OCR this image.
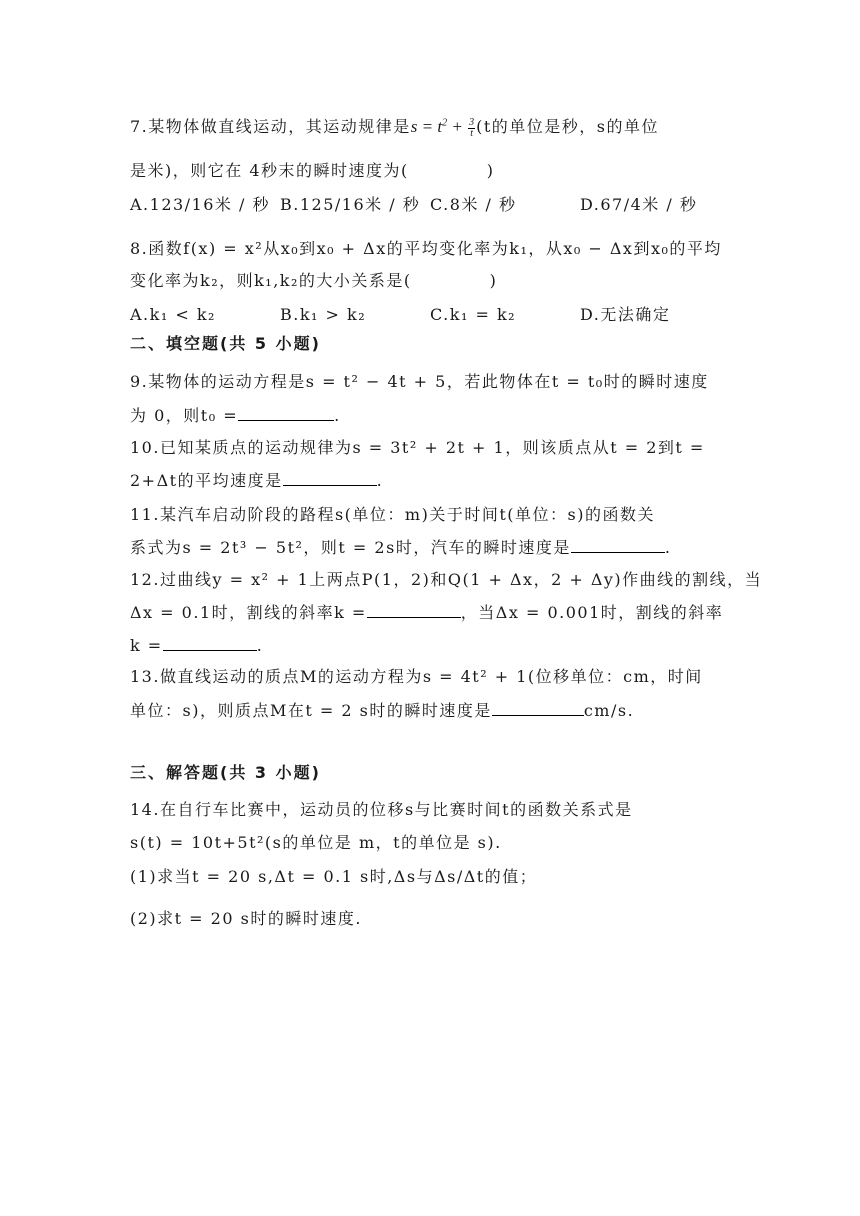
7.某物体做直线运动，其运动规律是$s = t^2 + \frac{3}{t} (t$的单位是秒，s的单位
是米)，则它在 4秒末的瞬时速度为(	)
A.123/16米 / 秒 B.125/16米 / 秒 C.8米 / 秒	D.67/4米 / 秒
8.函数f(x) = x²从x₀到x₀ + Δx的平均变化率为k₁，从x₀ − Δx到x₀的平均
变化率为k₂，则k₁,k₂的大小关系是(	)
A.k₁ < k₂	B.k₁ > k₂	C.k₁ = k₂	D.无法确定
二、填空题(共 5 小题)
9.某物体的运动方程是s = t² − 4t + 5，若此物体在t = t₀时的瞬时速度
为 0，则t₀ =	.
10.已知某质点的运动规律为s = 3t² + 2t + 1，则该质点从t = 2到t =
2+Δt的平均速度是	.
11.某汽车启动阶段的路程s(单位：m)关于时间t(单位：s)的函数关
系式为s = 2t³ − 5t²，则t = 2s时，汽车的瞬时速度是	.
12.过曲线y = x² + 1上两点P(1，2)和Q(1 + Δx，2 + Δy)作曲线的割线，当
Δx = 0.1时，割线的斜率k =	，当Δx = 0.001时，割线的斜率
k =	.
13.做直线运动的质点M的运动方程为s = 4t² + 1(位移单位：cm，时间
单位：s)，则质点M在t = 2 s时的瞬时速度是	cm/s.
三、解答题(共 3 小题)
14.在自行车比赛中，运动员的位移s与比赛时间t的函数关系式是
s(t) = 10t+5t²(s的单位是 m，t的单位是 s).
(1)求当t = 20 s,Δt = 0.1 s时,Δs与Δs/Δt的值；
(2)求t = 20 s时的瞬时速度.
